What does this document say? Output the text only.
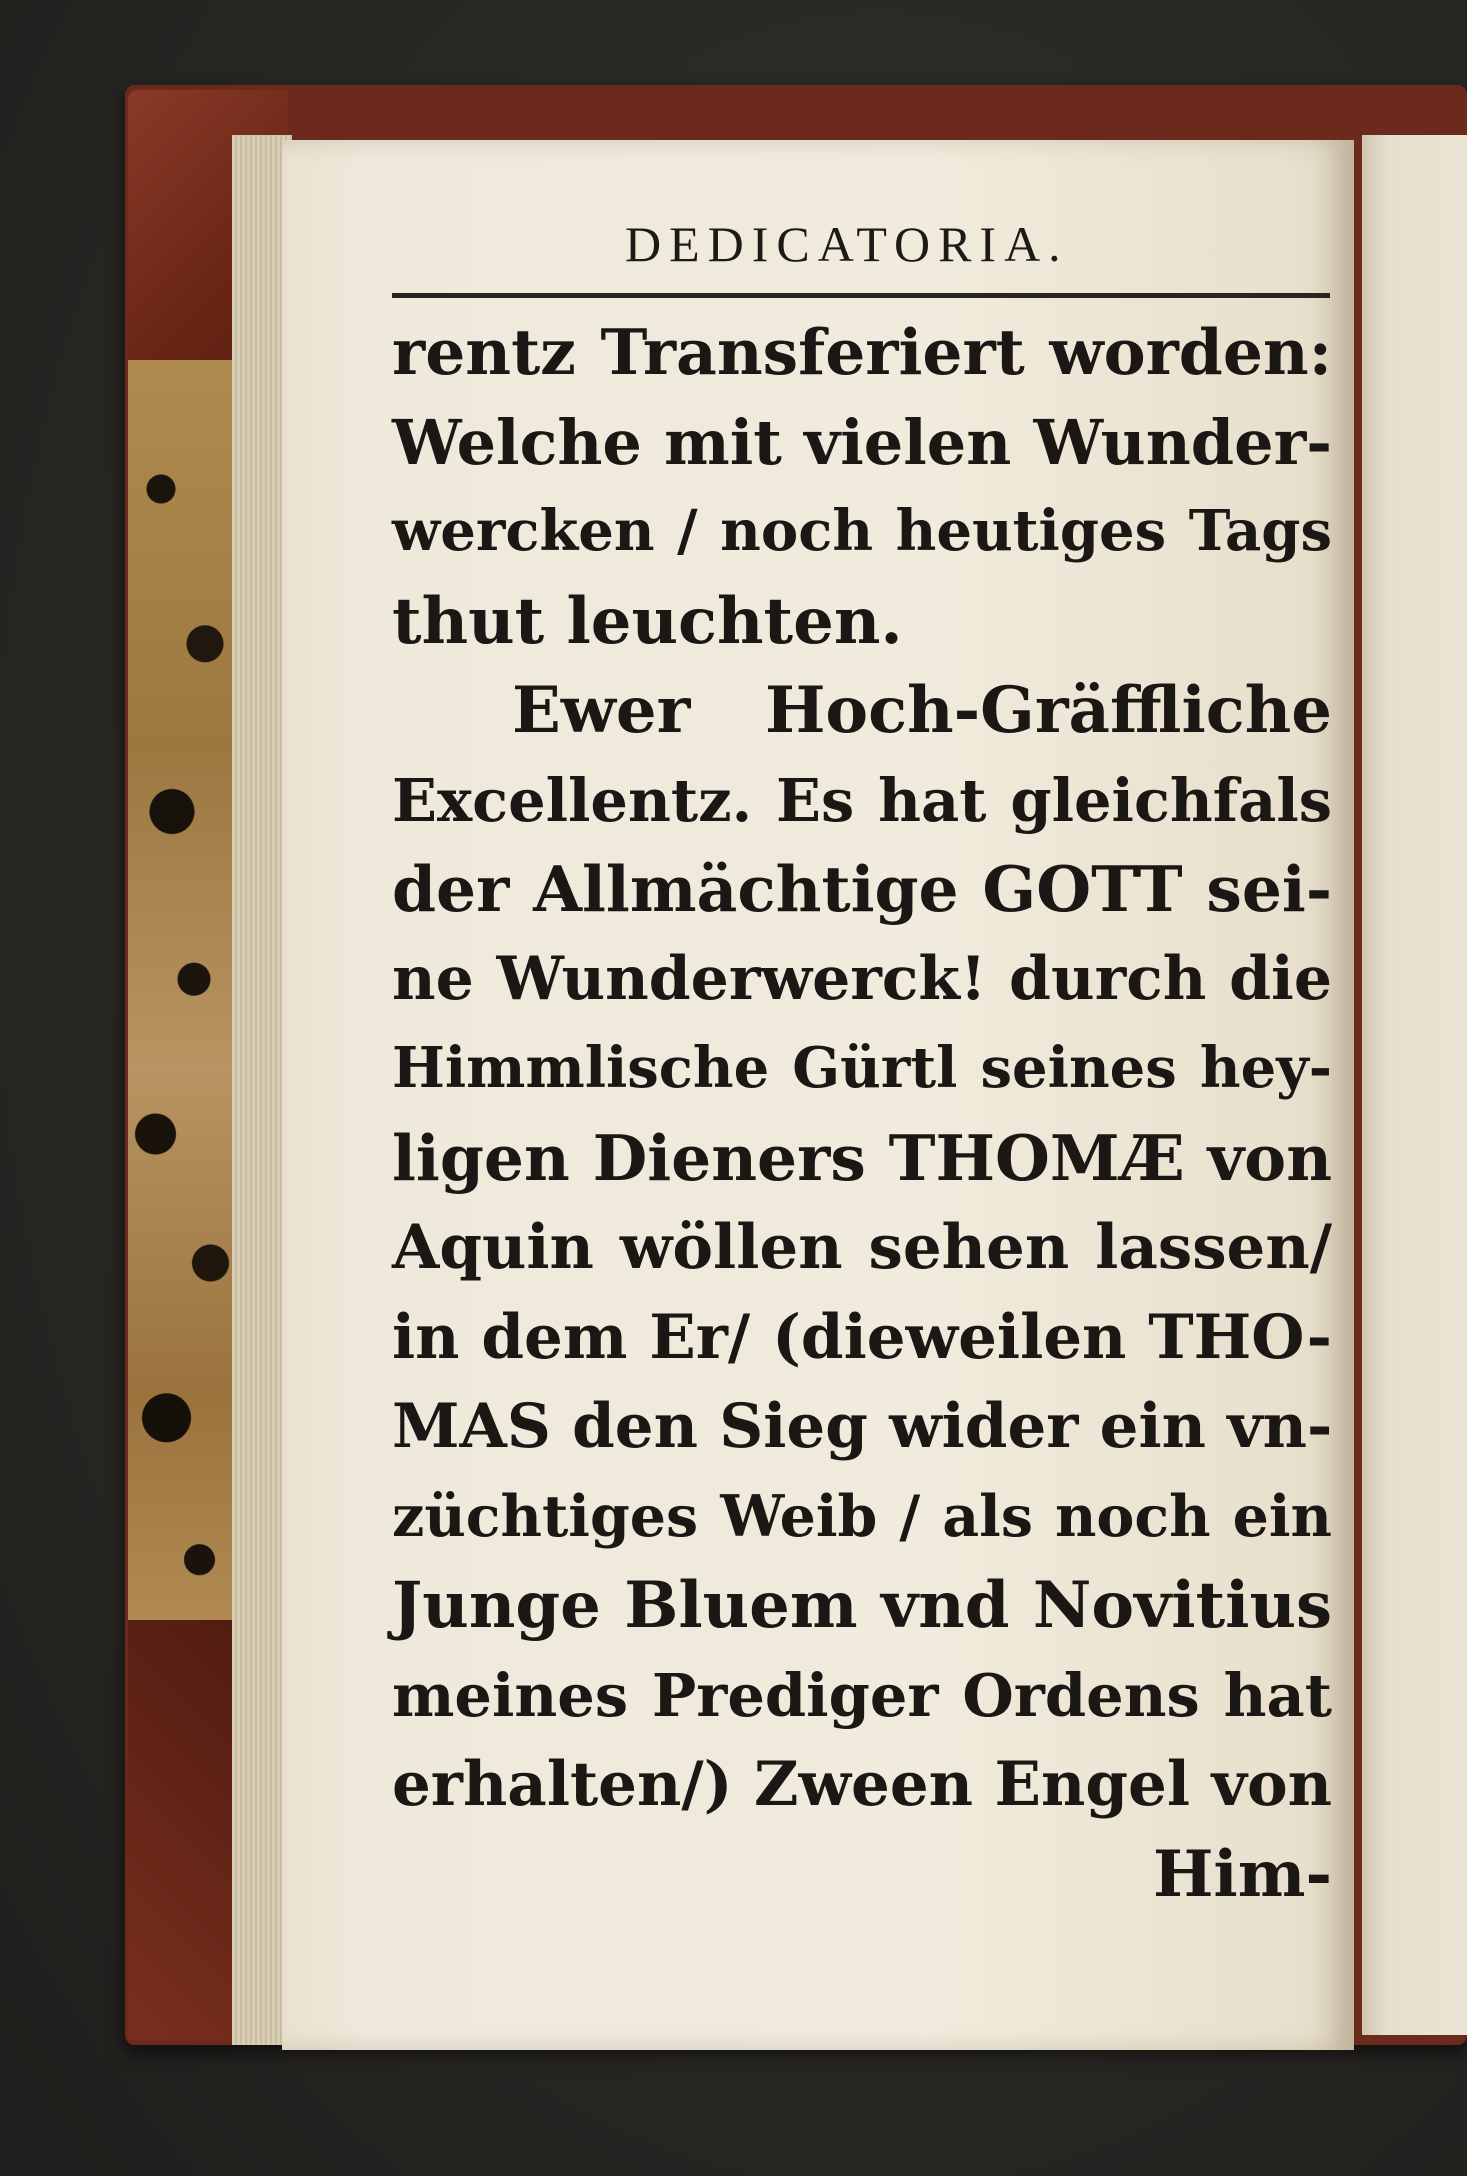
DEDICATORIA.
rentz Transferiert worden:
Welche mit vielen Wunder-
wercken / noch heutiges Tags
thut leuchten.
Ewer Hoch-Gräffliche
Excellentz. Es hat gleichfals
der Allmächtige GOTT sei-
ne Wunderwerck! durch die
Himmlische Gürtl seines hey-
ligen Dieners THOMÆ von
Aquin wöllen sehen lassen/
in dem Er/ (dieweilen THO-
MAS den Sieg wider ein vn-
züchtiges Weib / als noch ein
Junge Bluem vnd Novitius
meines Prediger Ordens hat
erhalten/) Zween Engel von
Him-
